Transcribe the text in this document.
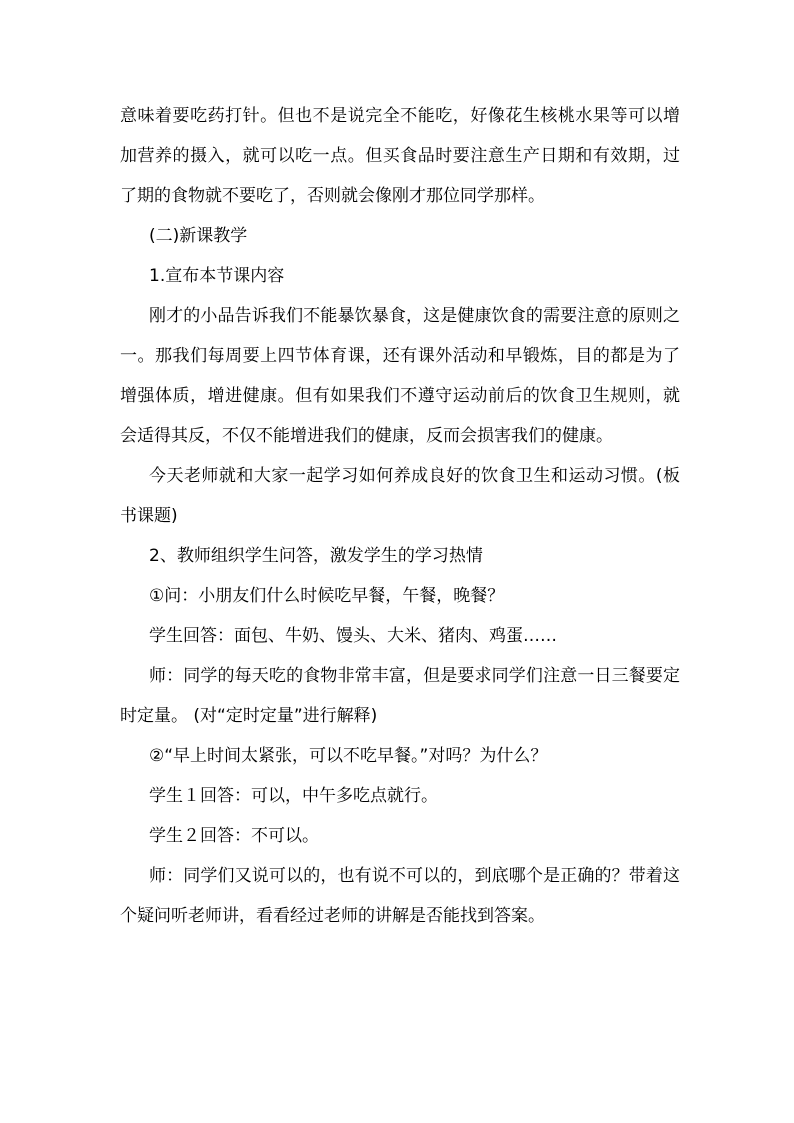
意味着要吃药打针。但也不是说完全不能吃，好像花生核桃水果等可以增加营养的摄入，就可以吃一点。但买食品时要注意生产日期和有效期，过了期的食物就不要吃了，否则就会像刚才那位同学那样。

(二)新课教学

1.宣布本节课内容

刚才的小品告诉我们不能暴饮暴食，这是健康饮食的需要注意的原则之一。那我们每周要上四节体育课，还有课外活动和早锻炼，目的都是为了增强体质，增进健康。但有如果我们不遵守运动前后的饮食卫生规则，就会适得其反，不仅不能增进我们的健康，反而会损害我们的健康。

今天老师就和大家一起学习如何养成良好的饮食卫生和运动习惯。(板书课题)

2、教师组织学生问答，激发学生的学习热情

①问：小朋友们什么时候吃早餐，午餐，晚餐？

学生回答：面包、牛奶、馒头、大米、猪肉、鸡蛋……

师：同学的每天吃的食物非常丰富，但是要求同学们注意一日三餐要定时定量。 (对“定时定量”进行解释)

②“早上时间太紧张，可以不吃早餐。”对吗？为什么？

学生１回答：可以，中午多吃点就行。

学生２回答：不可以。

师：同学们又说可以的，也有说不可以的，到底哪个是正确的？带着这个疑问听老师讲，看看经过老师的讲解是否能找到答案。
